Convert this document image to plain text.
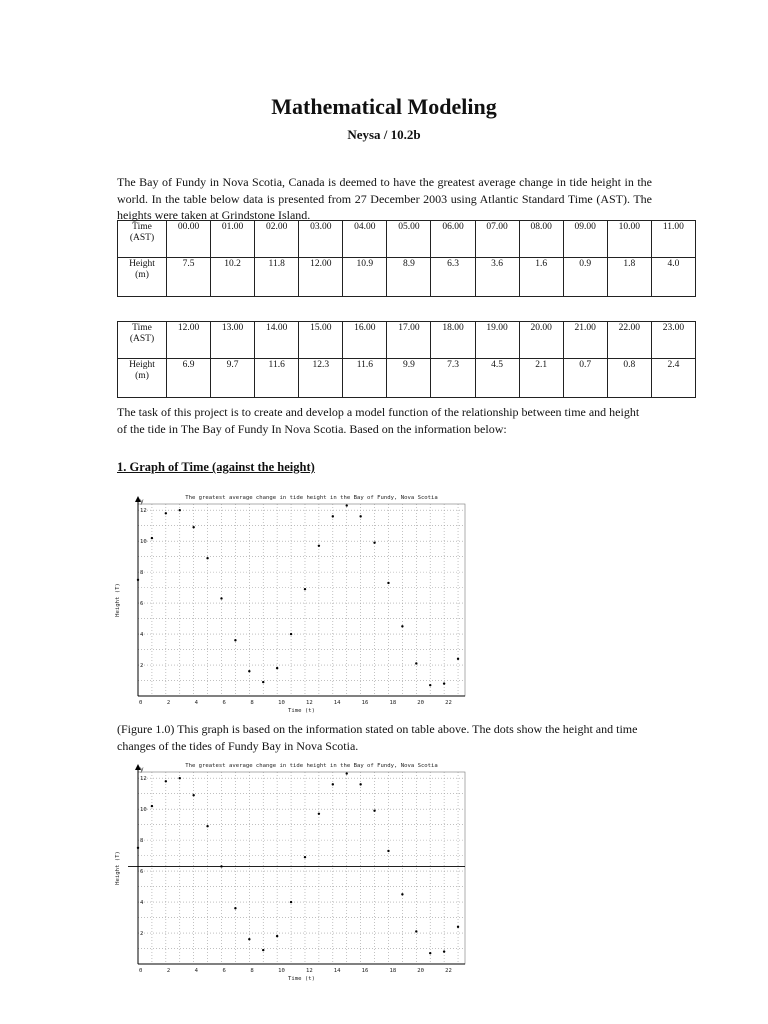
Mathematical Modeling
Neysa / 10.2b
The Bay of Fundy in Nova Scotia, Canada is deemed to have the greatest average change in tide height in the world. In the table below data is presented from 27 December 2003 using Atlantic Standard Time (AST). The heights were taken at Grindstone Island.
Time
(AST)	00.00	01.00	02.00	03.00	04.00	05.00	06.00	07.00	08.00	09.00	10.00	11.00
Height
(m)	7.5	10.2	11.8	12.00	10.9	8.9	6.3	3.6	1.6	0.9	1.8	4.0
Time
(AST)	12.00	13.00	14.00	15.00	16.00	17.00	18.00	19.00	20.00	21.00	22.00	23.00
Height
(m)	6.9	9.7	11.6	12.3	11.6	9.9	7.3	4.5	2.1	0.7	0.8	2.4
The task of this project is to create and develop a model function of the relationship between time and height of the tide in The Bay of Fundy In Nova Scotia. Based on the information below:
1. Graph of Time (against the height)
The greatest average change in tide height in the Bay of Fundy, Nova Scotia
y
0	2	4	6	8	10	12	14	16	18	20	22
2
4
6
8
10
12
Time (t)
Height (T)
(Figure 1.0) This graph is based on the information stated on table above. The dots show the height and time changes of the tides of Fundy Bay in Nova Scotia.
The greatest average change in tide height in the Bay of Fundy, Nova Scotia
y
0	2	4	6	8	10	12	14	16	18	20	22
2
4
6
8
10
12
Time (t)
Height (T)
